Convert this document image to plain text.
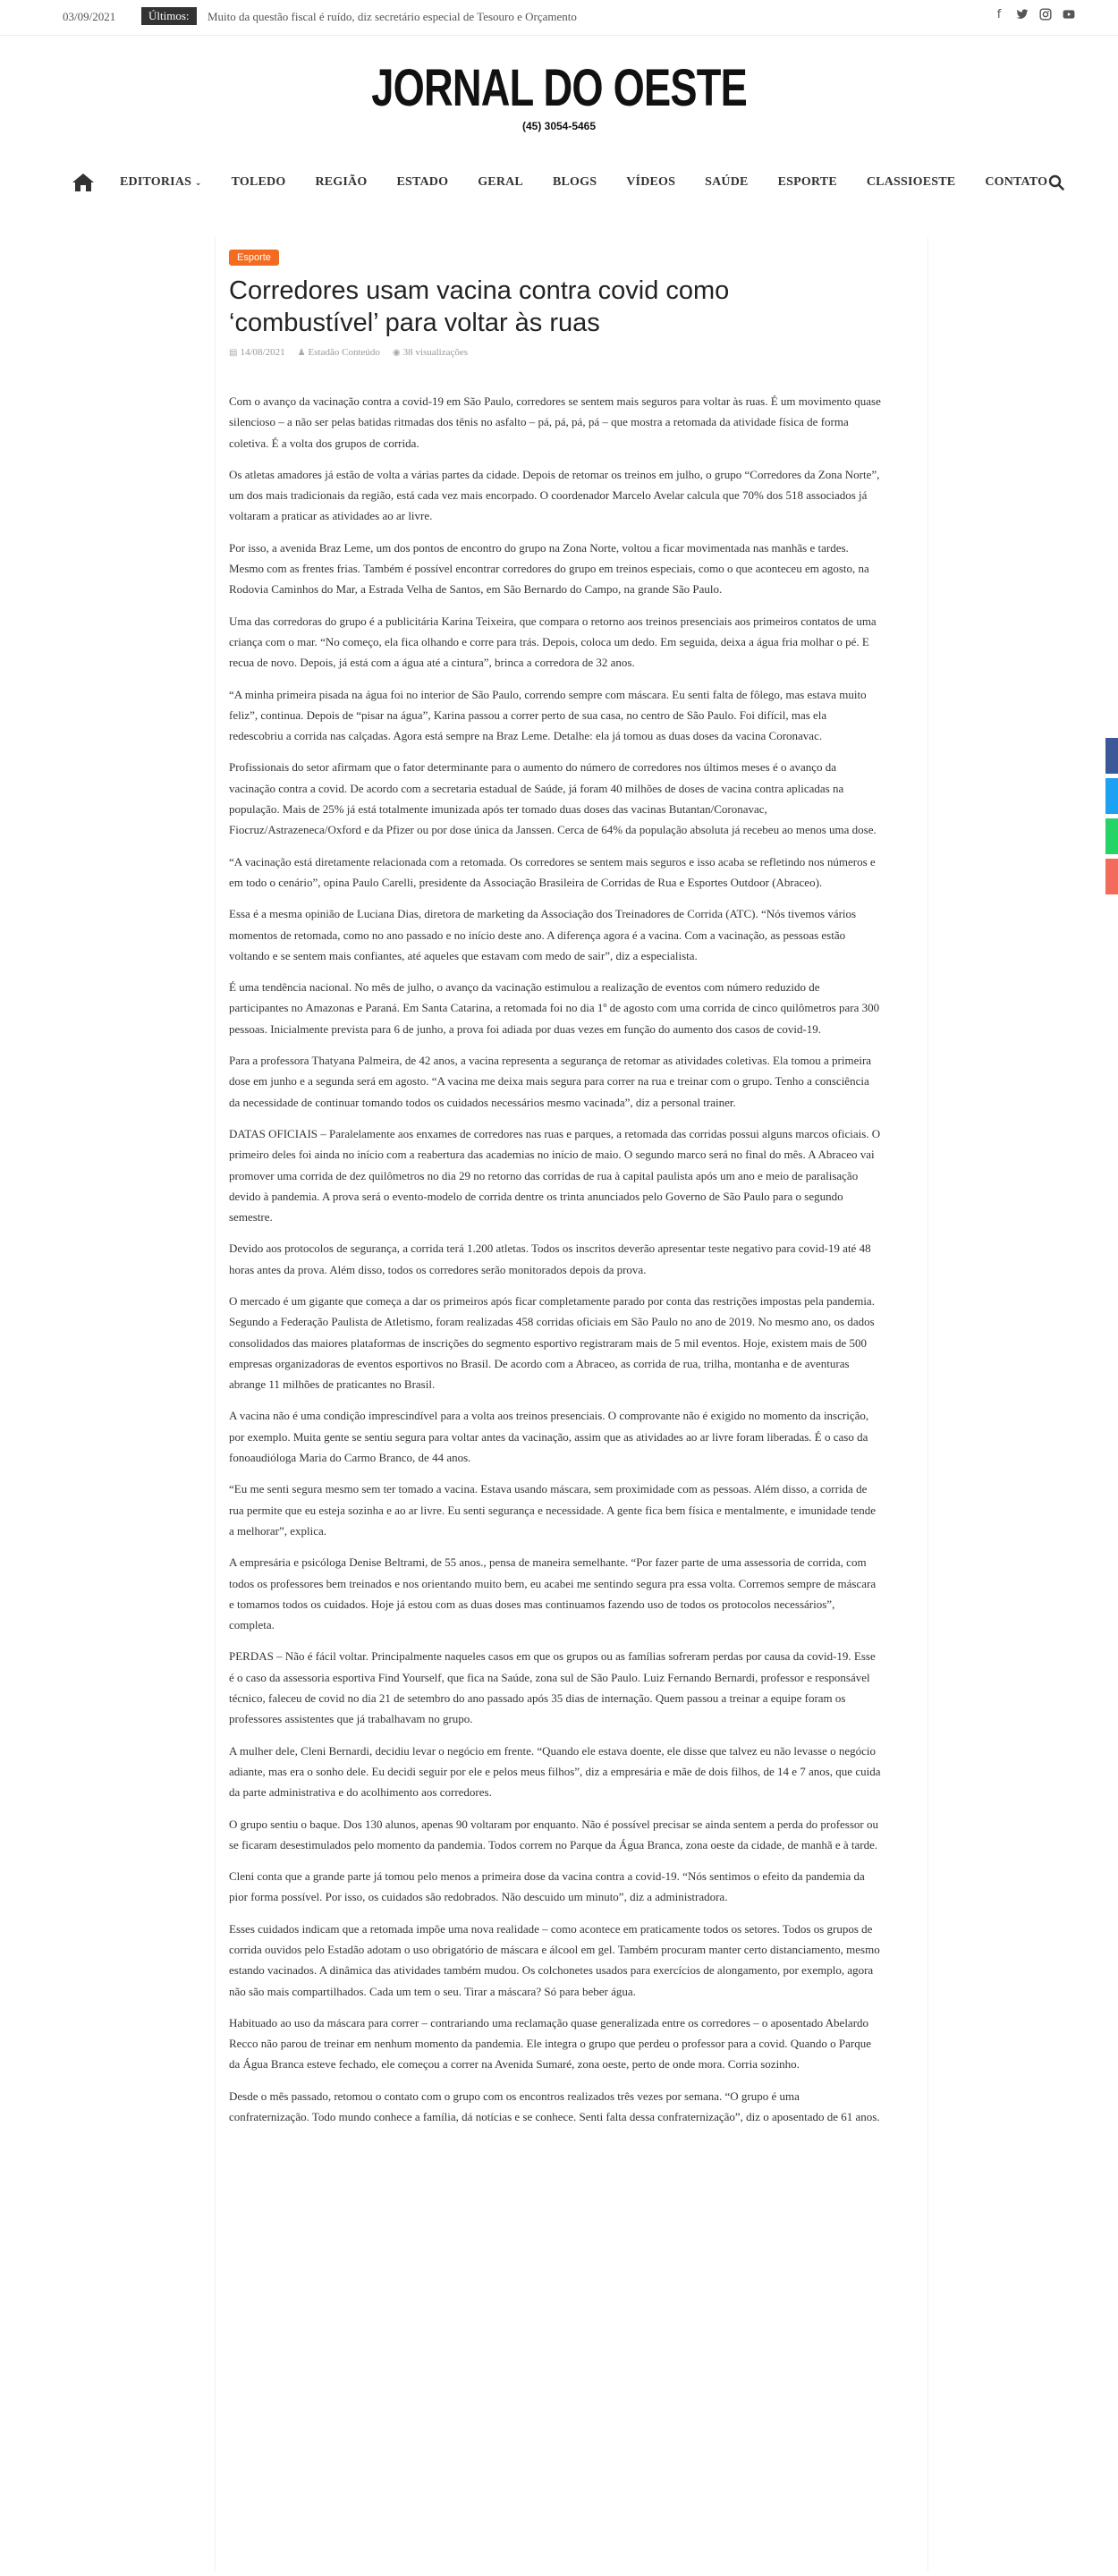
03/09/2021	Últimos:	Muito da questão fiscal é ruído, diz secretário especial de Tesouro e Orçamento	f
JORNAL DO OESTE
(45) 3054-5465
EDITORIAS ⌄ TOLEDO REGIÃO ESTADO GERAL BLOGS VÍDEOS SAÚDE ESPORTE CLASSIOESTE CONTATO
Esporte
Corredores usam vacina contra covid como ‘combustível’ para voltar às ruas
▤ 14/08/2021 ♟ Estadão Conteúdo ◉ 38 visualizações

Com o avanço da vacinação contra a covid-19 em São Paulo, corredores se sentem mais seguros para voltar às ruas. É um movimento quase silencioso – a não ser pelas batidas ritmadas dos tênis no asfalto – pá, pá, pá, pá – que mostra a retomada da atividade física de forma coletiva. É a volta dos grupos de corrida.

Os atletas amadores já estão de volta a várias partes da cidade. Depois de retomar os treinos em julho, o grupo “Corredores da Zona Norte”, um dos mais tradicionais da região, está cada vez mais encorpado. O coordenador Marcelo Avelar calcula que 70% dos 518 associados já voltaram a praticar as atividades ao ar livre.

Por isso, a avenida Braz Leme, um dos pontos de encontro do grupo na Zona Norte, voltou a ficar movimentada nas manhãs e tardes. Mesmo com as frentes frias. Também é possível encontrar corredores do grupo em treinos especiais, como o que aconteceu em agosto, na Rodovia Caminhos do Mar, a Estrada Velha de Santos, em São Bernardo do Campo, na grande São Paulo.

Uma das corredoras do grupo é a publicitária Karina Teixeira, que compara o retorno aos treinos presenciais aos primeiros contatos de uma criança com o mar. “No começo, ela fica olhando e corre para trás. Depois, coloca um dedo. Em seguida, deixa a água fria molhar o pé. E recua de novo. Depois, já está com a água até a cintura”, brinca a corredora de 32 anos.

“A minha primeira pisada na água foi no interior de São Paulo, correndo sempre com máscara. Eu senti falta de fôlego, mas estava muito feliz”, continua. Depois de “pisar na água”, Karina passou a correr perto de sua casa, no centro de São Paulo. Foi difícil, mas ela redescobriu a corrida nas calçadas. Agora está sempre na Braz Leme. Detalhe: ela já tomou as duas doses da vacina Coronavac.

Profissionais do setor afirmam que o fator determinante para o aumento do número de corredores nos últimos meses é o avanço da vacinação contra a covid. De acordo com a secretaria estadual de Saúde, já foram 40 milhões de doses de vacina contra aplicadas na população. Mais de 25% já está totalmente imunizada após ter tomado duas doses das vacinas Butantan/Coronavac, Fiocruz/Astrazeneca/Oxford e da Pfizer ou por dose única da Janssen. Cerca de 64% da população absoluta já recebeu ao menos uma dose.

“A vacinação está diretamente relacionada com a retomada. Os corredores se sentem mais seguros e isso acaba se refletindo nos números e em todo o cenário”, opina Paulo Carelli, presidente da Associação Brasileira de Corridas de Rua e Esportes Outdoor (Abraceo).

Essa é a mesma opinião de Luciana Dias, diretora de marketing da Associação dos Treinadores de Corrida (ATC). “Nós tivemos vários momentos de retomada, como no ano passado e no início deste ano. A diferença agora é a vacina. Com a vacinação, as pessoas estão voltando e se sentem mais confiantes, até aqueles que estavam com medo de sair”, diz a especialista.

É uma tendência nacional. No mês de julho, o avanço da vacinação estimulou a realização de eventos com número reduzido de participantes no Amazonas e Paraná. Em Santa Catarina, a retomada foi no dia 1º de agosto com uma corrida de cinco quilômetros para 300 pessoas. Inicialmente prevista para 6 de junho, a prova foi adiada por duas vezes em função do aumento dos casos de covid-19.

Para a professora Thatyana Palmeira, de 42 anos, a vacina representa a segurança de retomar as atividades coletivas. Ela tomou a primeira dose em junho e a segunda será em agosto. “A vacina me deixa mais segura para correr na rua e treinar com o grupo. Tenho a consciência da necessidade de continuar tomando todos os cuidados necessários mesmo vacinada”, diz a personal trainer.

DATAS OFICIAIS – Paralelamente aos enxames de corredores nas ruas e parques, a retomada das corridas possui alguns marcos oficiais. O primeiro deles foi ainda no início com a reabertura das academias no início de maio. O segundo marco será no final do mês. A Abraceo vai promover uma corrida de dez quilômetros no dia 29 no retorno das corridas de rua à capital paulista após um ano e meio de paralisação devido à pandemia. A prova será o evento-modelo de corrida dentre os trinta anunciados pelo Governo de São Paulo para o segundo semestre.

Devido aos protocolos de segurança, a corrida terá 1.200 atletas. Todos os inscritos deverão apresentar teste negativo para covid-19 até 48 horas antes da prova. Além disso, todos os corredores serão monitorados depois da prova.

O mercado é um gigante que começa a dar os primeiros após ficar completamente parado por conta das restrições impostas pela pandemia. Segundo a Federação Paulista de Atletismo, foram realizadas 458 corridas oficiais em São Paulo no ano de 2019. No mesmo ano, os dados consolidados das maiores plataformas de inscrições do segmento esportivo registraram mais de 5 mil eventos. Hoje, existem mais de 500 empresas organizadoras de eventos esportivos no Brasil. De acordo com a Abraceo, as corrida de rua, trilha, montanha e de aventuras abrange 11 milhões de praticantes no Brasil.

A vacina não é uma condição imprescindível para a volta aos treinos presenciais. O comprovante não é exigido no momento da inscrição, por exemplo. Muita gente se sentiu segura para voltar antes da vacinação, assim que as atividades ao ar livre foram liberadas. É o caso da fonoaudióloga Maria do Carmo Branco, de 44 anos.

“Eu me senti segura mesmo sem ter tomado a vacina. Estava usando máscara, sem proximidade com as pessoas. Além disso, a corrida de rua permite que eu esteja sozinha e ao ar livre. Eu senti segurança e necessidade. A gente fica bem física e mentalmente, e imunidade tende a melhorar”, explica.

A empresária e psicóloga Denise Beltrami, de 55 anos., pensa de maneira semelhante. “Por fazer parte de uma assessoria de corrida, com todos os professores bem treinados e nos orientando muito bem, eu acabei me sentindo segura pra essa volta. Corremos sempre de máscara e tomamos todos os cuidados. Hoje já estou com as duas doses mas continuamos fazendo uso de todos os protocolos necessários”, completa.

PERDAS – Não é fácil voltar. Principalmente naqueles casos em que os grupos ou as famílias sofreram perdas por causa da covid-19. Esse é o caso da assessoria esportiva Find Yourself, que fica na Saúde, zona sul de São Paulo. Luiz Fernando Bernardi, professor e responsável técnico, faleceu de covid no dia 21 de setembro do ano passado após 35 dias de internação. Quem passou a treinar a equipe foram os professores assistentes que já trabalhavam no grupo.

A mulher dele, Cleni Bernardi, decidiu levar o negócio em frente. “Quando ele estava doente, ele disse que talvez eu não levasse o negócio adiante, mas era o sonho dele. Eu decidi seguir por ele e pelos meus filhos”, diz a empresária e mãe de dois filhos, de 14 e 7 anos, que cuida da parte administrativa e do acolhimento aos corredores.

O grupo sentiu o baque. Dos 130 alunos, apenas 90 voltaram por enquanto. Não é possível precisar se ainda sentem a perda do professor ou se ficaram desestimulados pelo momento da pandemia. Todos correm no Parque da Água Branca, zona oeste da cidade, de manhã e à tarde.

Cleni conta que a grande parte já tomou pelo menos a primeira dose da vacina contra a covid-19. “Nós sentimos o efeito da pandemia da pior forma possível. Por isso, os cuidados são redobrados. Não descuido um minuto”, diz a administradora.

Esses cuidados indicam que a retomada impõe uma nova realidade – como acontece em praticamente todos os setores. Todos os grupos de corrida ouvidos pelo Estadão adotam o uso obrigatório de máscara e álcool em gel. Também procuram manter certo distanciamento, mesmo estando vacinados. A dinâmica das atividades também mudou. Os colchonetes usados para exercícios de alongamento, por exemplo, agora não são mais compartilhados. Cada um tem o seu. Tirar a máscara? Só para beber água.

Habituado ao uso da máscara para correr – contrariando uma reclamação quase generalizada entre os corredores – o aposentado Abelardo Recco não parou de treinar em nenhum momento da pandemia. Ele integra o grupo que perdeu o professor para a covid. Quando o Parque da Água Branca esteve fechado, ele começou a correr na Avenida Sumaré, zona oeste, perto de onde mora. Corria sozinho.

Desde o mês passado, retomou o contato com o grupo com os encontros realizados três vezes por semana. “O grupo é uma confraternização. Todo mundo conhece a família, dá notícias e se conhece. Senti falta dessa confraternização”, diz o aposentado de 61 anos.
